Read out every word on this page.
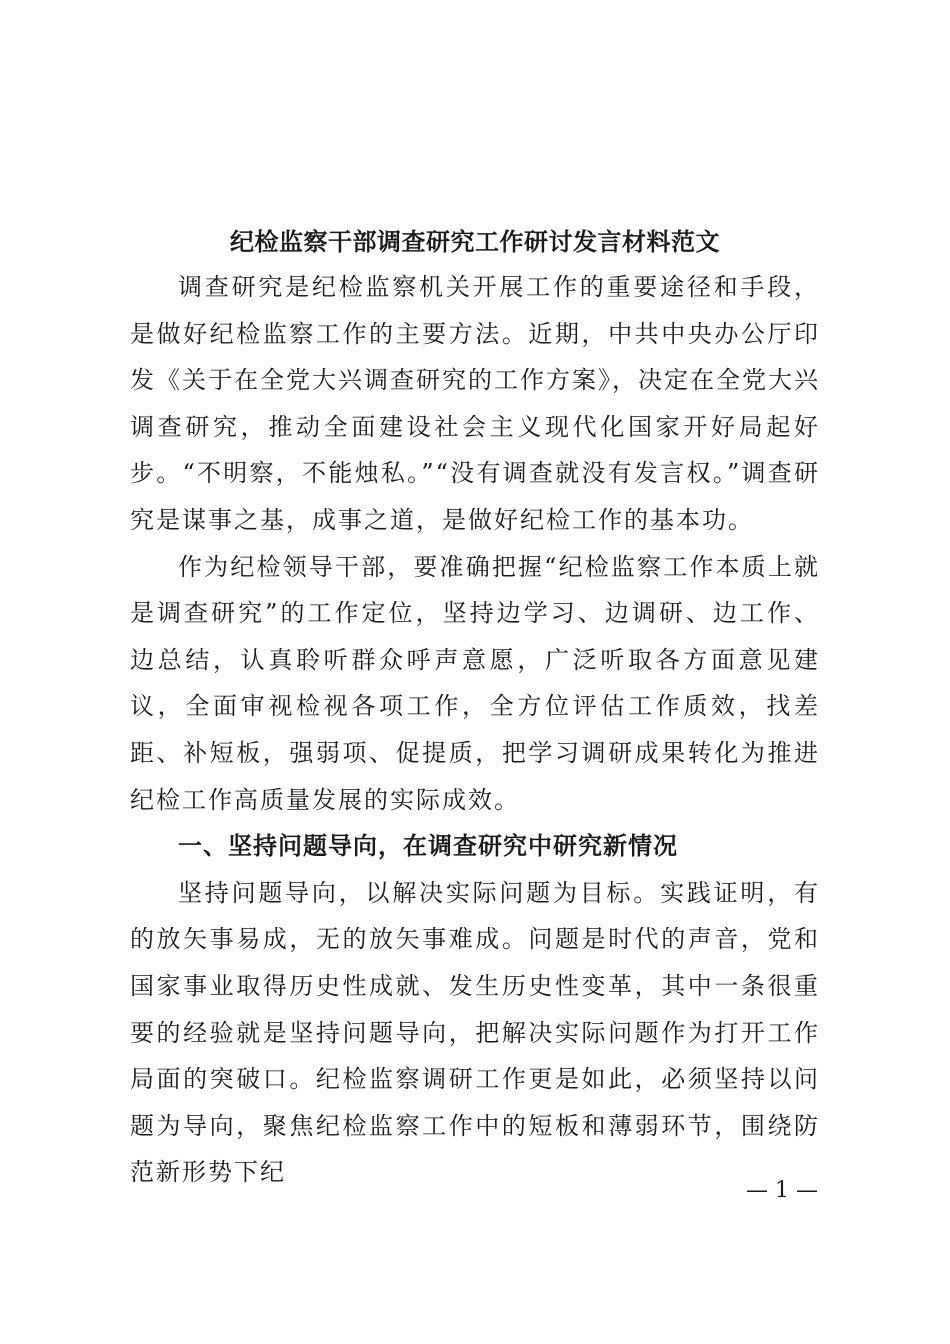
纪检监察干部调查研究工作研讨发言材料范文

调查研究是纪检监察机关开展工作的重要途径和手段，是做好纪检监察工作的主要方法。近期，中共中央办公厅印发《关于在全党大兴调查研究的工作方案》，决定在全党大兴调查研究，推动全面建设社会主义现代化国家开好局起好步。“不明察，不能烛私。”“没有调查就没有发言权。”调查研究是谋事之基，成事之道，是做好纪检工作的基本功。

作为纪检领导干部，要准确把握“纪检监察工作本质上就是调查研究”的工作定位，坚持边学习、边调研、边工作、边总结，认真聆听群众呼声意愿，广泛听取各方面意见建议，全面审视检视各项工作，全方位评估工作质效，找差距、补短板，强弱项、促提质，把学习调研成果转化为推进纪检工作高质量发展的实际成效。

一、坚持问题导向，在调查研究中研究新情况

坚持问题导向，以解决实际问题为目标。实践证明，有的放矢事易成，无的放矢事难成。问题是时代的声音，党和国家事业取得历史性成就、发生历史性变革，其中一条很重要的经验就是坚持问题导向，把解决实际问题作为打开工作局面的突破口。纪检监察调研工作更是如此，必须坚持以问题为导向，聚焦纪检监察工作中的短板和薄弱环节，围绕防范新形势下纪

— 1 —
